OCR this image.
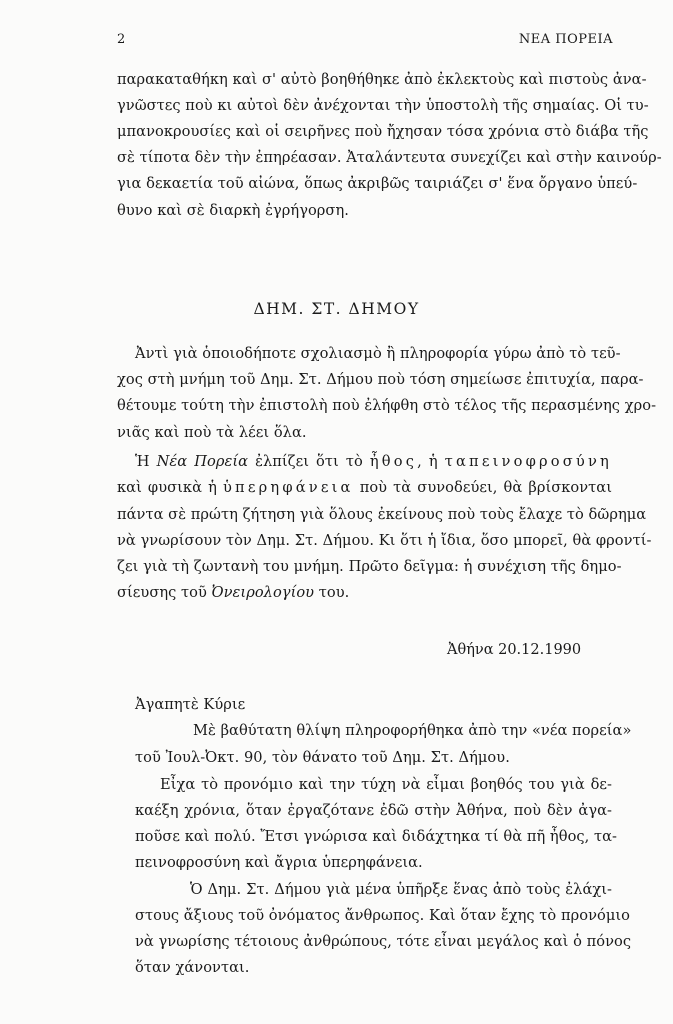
2	ΝΕΑ ΠΟΡΕΙΑ
παρακαταθήκη καὶ σ' αὐτὸ βοηθήθηκε ἀπὸ ἐκλεκτοὺς καὶ πιστοὺς ἀνα-
γνῶστες ποὺ κι αὐτοὶ δὲν ἀνέχονται τὴν ὑποστολὴ τῆς σημαίας. Οἱ τυ-
μπανοκρουσίες καὶ οἱ σειρῆνες ποὺ ἤχησαν τόσα χρόνια στὸ διάβα τῆς
σὲ τίποτα δὲν τὴν ἐπηρέασαν. Ἀταλάντευτα συνεχίζει καὶ στὴν καινούρ-
για δεκαετία τοῦ αἰώνα, ὅπως ἀκριβῶς ταιριάζει σ' ἕνα ὄργανο ὑπεύ-
θυνο καὶ σὲ διαρκὴ ἐγρήγορση.
ΔΗΜ. ΣΤ. ΔΗΜΟΥ
Ἀντὶ γιὰ ὁποιοδήποτε σχολιασμὸ ἢ πληροφορία γύρω ἀπὸ τὸ τεῦ-
χος στὴ μνήμη τοῦ Δημ. Στ. Δήμου ποὺ τόση σημείωσε ἐπιτυχία, παρα-
θέτουμε τούτη τὴν ἐπιστολὴ ποὺ ἐλήφθη στὸ τέλος τῆς περασμένης χρο-
νιᾶς καὶ ποὺ τὰ λέει ὅλα.
Ἡ Νέα Πορεία ἐλπίζει ὅτι τὸ ἦθος, ἡ ταπεινοφροσύνη
καὶ φυσικὰ ἡ ὑπερηφάνεια ποὺ τὰ συνοδεύει, θὰ βρίσκονται
πάντα σὲ πρώτη ζήτηση γιὰ ὅλους ἐκείνους ποὺ τοὺς ἔλαχε τὸ δῶρημα
νὰ γνωρίσουν τὸν Δημ. Στ. Δήμου. Κι ὅτι ἡ ἴδια, ὅσο μπορεῖ, θὰ φροντί-
ζει γιὰ τὴ ζωντανὴ του μνήμη. Πρῶτο δεῖγμα: ἡ συνέχιση τῆς δημο-
σίευσης τοῦ Ὀνειρολογίου του.
Ἀθήνα 20.12.1990
Ἀγαπητὲ Κύριε
Μὲ βαθύτατη θλίψη πληροφορήθηκα ἀπὸ την «νέα πορεία»
τοῦ Ἰουλ-Ὀκτ. 90, τὸν θάνατο τοῦ Δημ. Στ. Δήμου.
Εἶχα τὸ προνόμιο καὶ την τύχη νὰ εἶμαι βοηθός του γιὰ δε-
καέξη χρόνια, ὅταν ἐργαζότανε ἐδῶ στὴν Ἀθήνα, ποὺ δὲν ἀγα-
ποῦσε καὶ πολύ. Ἔτσι γνώρισα καὶ διδάχτηκα τί θὰ πῆ ἦθος, τα-
πεινοφροσύνη καὶ ἄγρια ὑπερηφάνεια.
Ὁ Δημ. Στ. Δήμου γιὰ μένα ὑπῆρξε ἕνας ἀπὸ τοὺς ἐλάχι-
στους ἄξιους τοῦ ὀνόματος ἄνθρωπος. Καὶ ὅταν ἔχης τὸ προνόμιο
νὰ γνωρίσης τέτοιους ἀνθρώπους, τότε εἶναι μεγάλος καὶ ὁ πόνος
ὅταν χάνονται.
